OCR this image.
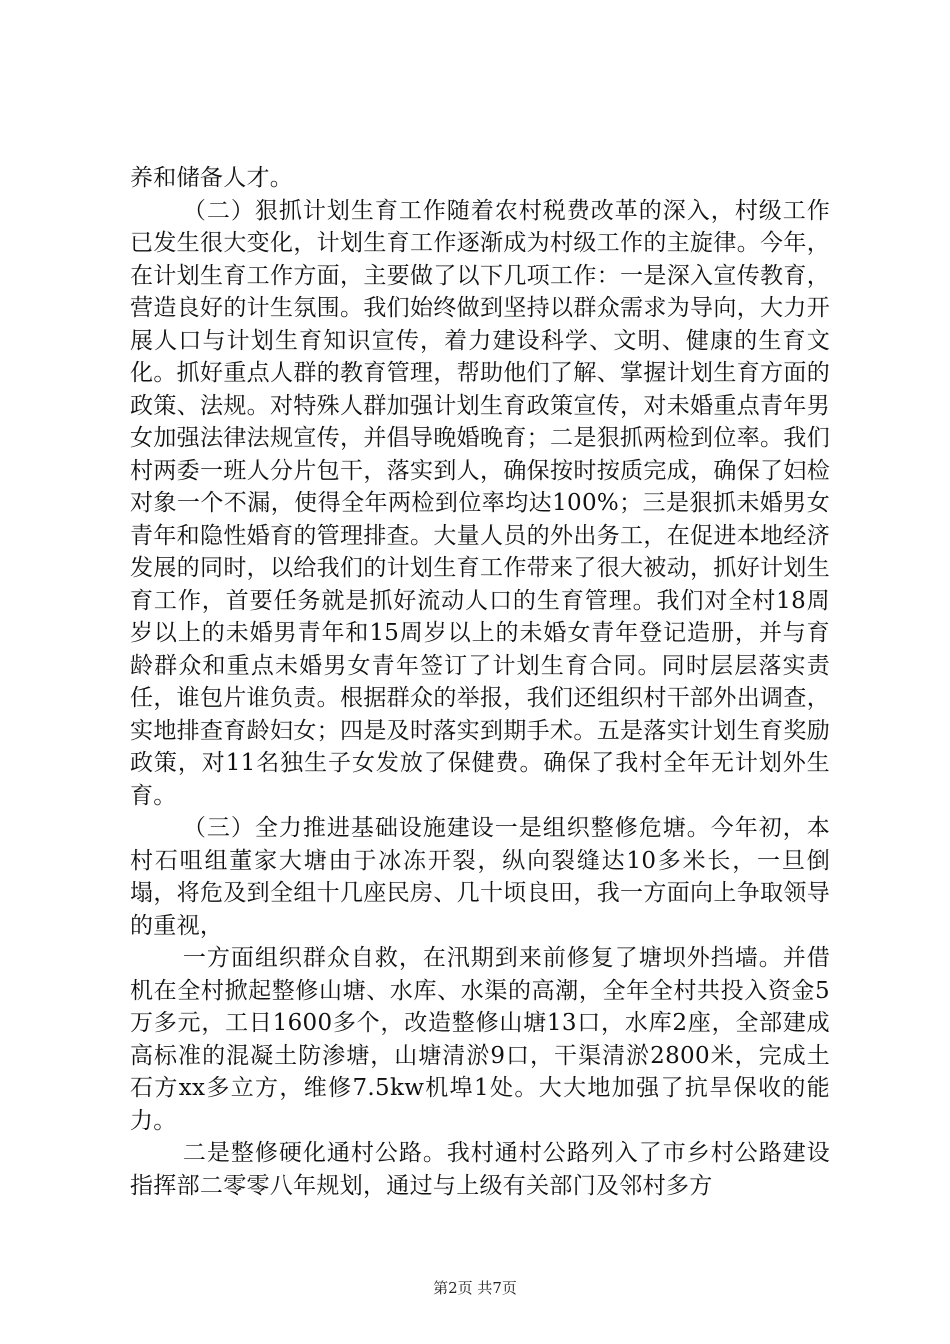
养和储备人才。

（二）狠抓计划生育工作随着农村税费改革的深入，村级工作已发生很大变化，计划生育工作逐渐成为村级工作的主旋律。今年，在计划生育工作方面，主要做了以下几项工作：一是深入宣传教育，营造良好的计生氛围。我们始终做到坚持以群众需求为导向，大力开展人口与计划生育知识宣传，着力建设科学、文明、健康的生育文化。抓好重点人群的教育管理，帮助他们了解、掌握计划生育方面的政策、法规。对特殊人群加强计划生育政策宣传，对未婚重点青年男女加强法律法规宣传，并倡导晚婚晚育；二是狠抓两检到位率。我们村两委一班人分片包干，落实到人，确保按时按质完成，确保了妇检对象一个不漏，使得全年两检到位率均达100%；三是狠抓未婚男女青年和隐性婚育的管理排查。大量人员的外出务工，在促进本地经济发展的同时，以给我们的计划生育工作带来了很大被动，抓好计划生育工作，首要任务就是抓好流动人口的生育管理。我们对全村18周岁以上的未婚男青年和15周岁以上的未婚女青年登记造册，并与育龄群众和重点未婚男女青年签订了计划生育合同。同时层层落实责任，谁包片谁负责。根据群众的举报，我们还组织村干部外出调查，实地排查育龄妇女；四是及时落实到期手术。五是落实计划生育奖励政策，对11名独生子女发放了保健费。确保了我村全年无计划外生育。

（三）全力推进基础设施建设一是组织整修危塘。今年初，本村石咀组董家大塘由于冰冻开裂，纵向裂缝达10多米长，一旦倒塌，将危及到全组十几座民房、几十顷良田，我一方面向上争取领导的重视，

一方面组织群众自救，在汛期到来前修复了塘坝外挡墙。并借机在全村掀起整修山塘、水库、水渠的高潮，全年全村共投入资金5万多元，工日1600多个，改造整修山塘13口，水库2座，全部建成高标准的混凝土防渗塘，山塘清淤9口，干渠清淤2800米，完成土石方xx多立方，维修7.5kw机埠1处。大大地加强了抗旱保收的能力。

二是整修硬化通村公路。我村通村公路列入了市乡村公路建设指挥部二零零八年规划，通过与上级有关部门及邻村多方

第2页 共7页
